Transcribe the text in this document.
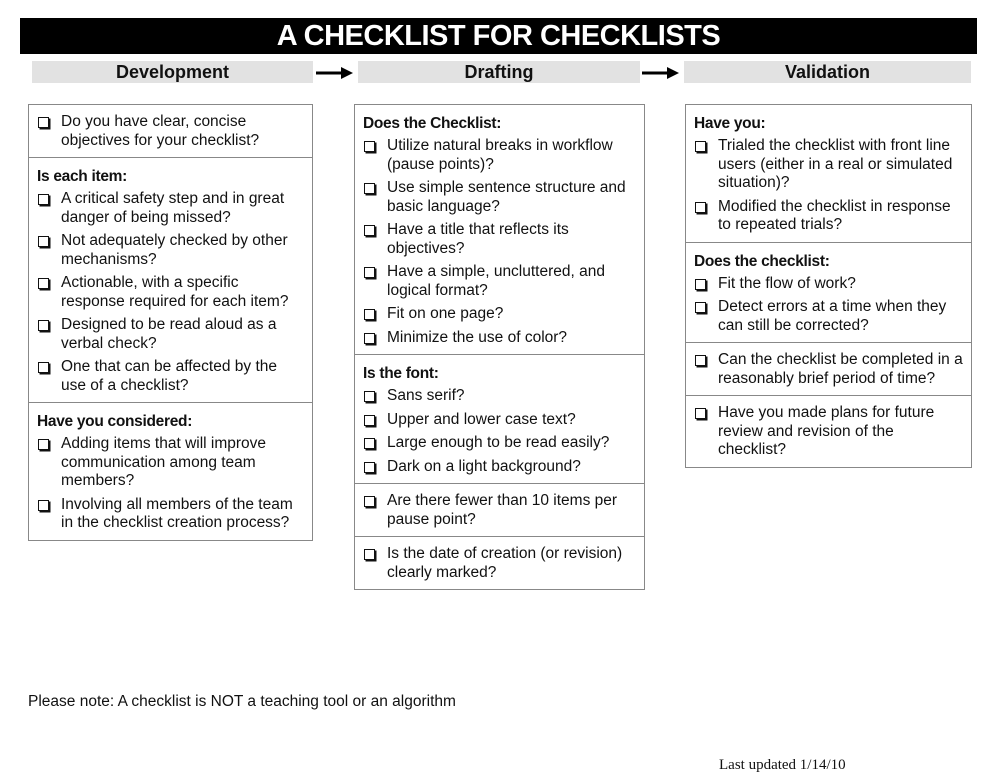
A CHECKLIST FOR CHECKLISTS
Development	Drafting	Validation
Do you have clear, concise objectives for your checklist?
Is each item:
A critical safety step and in great danger of being missed?
Not adequately checked by other mechanisms?
Actionable, with a specific response required for each item?
Designed to be read aloud as a verbal check?
One that can be affected by the use of a checklist?
Have you considered:
Adding items that will improve communication among team members?
Involving all members of the team in the checklist creation process?
Does the Checklist:
Utilize natural breaks in workflow (pause points)?
Use simple sentence structure and basic language?
Have a title that reflects its objectives?
Have a simple, uncluttered, and logical format?
Fit on one page?
Minimize the use of color?
Is the font:
Sans serif?
Upper and lower case text?
Large enough to be read easily?
Dark on a light background?
Are there fewer than 10 items per pause point?
Is the date of creation (or revision) clearly marked?
Have you:
Trialed the checklist with front line users (either in a real or simulated situation)?
Modified the checklist in response to repeated trials?
Does the checklist:
Fit the flow of work?
Detect errors at a time when they can still be corrected?
Can the checklist be completed in a reasonably brief period of time?
Have you made plans for future review and revision of the checklist?
Please note: A checklist is NOT a teaching tool or an algorithm
Last updated 1/14/10
